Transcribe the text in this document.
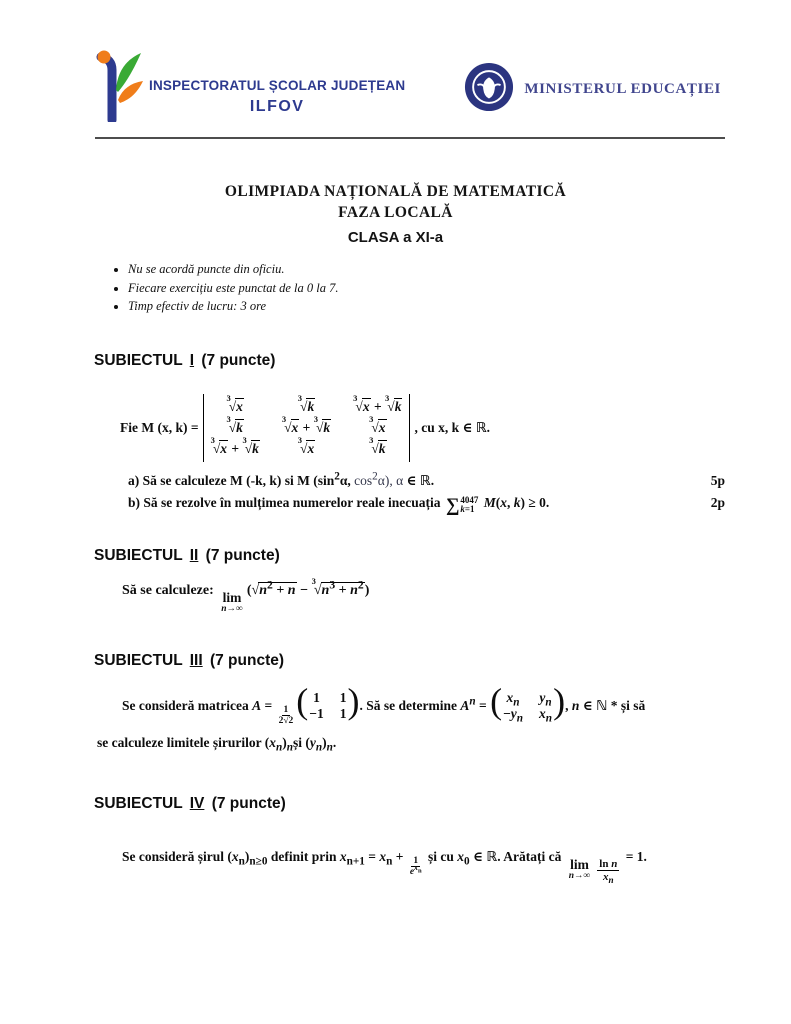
INSPECTORATUL ȘCOLAR JUDEȚEAN
ILFOV
MINISTERUL EDUCAȚIEI
OLIMPIADA NAȚIONALĂ DE MATEMATICĂ
FAZA LOCALĂ
CLASA a XI-a
• Nu se acordă puncte din oficiu.
• Fiecare exercițiu este punctat de la 0 la 7.
• Timp efectiv de lucru: 3 ore
SUBIECTUL I (7 puncte)
Fie M (x, k) =
$^3$√x
$^3$√k
$^3$√x + $^3$√k
$^3$√k
$^3$√x + $^3$√k
$^3$√x
$^3$√x + $^3$√k
$^3$√x
$^3$√k
, cu x, k ∈ ℝ.
a) Să se calculeze M (-k, k) si M ($\sin^2\alpha$, $\cos^2\alpha$), α ∈ ℝ.	5p
b) Să se rezolve în mulțimea numerelor reale inecuația ∑ 4047
k=1 M(x, k) ≥ 0.	2p
SUBIECTUL II (7 puncte)
Să se calculeze: lim
n→∞
$(√n^2 + n - ^3√n^3 + n^2)$
SUBIECTUL III (7 puncte)
Se consideră matricea $A = \frac{1}{2√2}$ ( 1 1
−1 1 ). Să se determine $A^n$ = ( $x_n$ $y_n$
$-y_n$ $x_n$ ), n ∈ ℕ * și să
se calculeze limitele șirurilor $(x_n)_nși$ $(y_n)_n$.
SUBIECTUL IV (7 puncte)
Se consideră șirul $(x_n)_{n\ge 0}$ definit prin $x_{n+1} = x_n + \frac{1}{e^{x_n}}$ și cu $x_0$ ∈ ℝ. Arătați că
lim
$n\to\infty \frac{\text{ln n}}{x_n}$
= 1.
